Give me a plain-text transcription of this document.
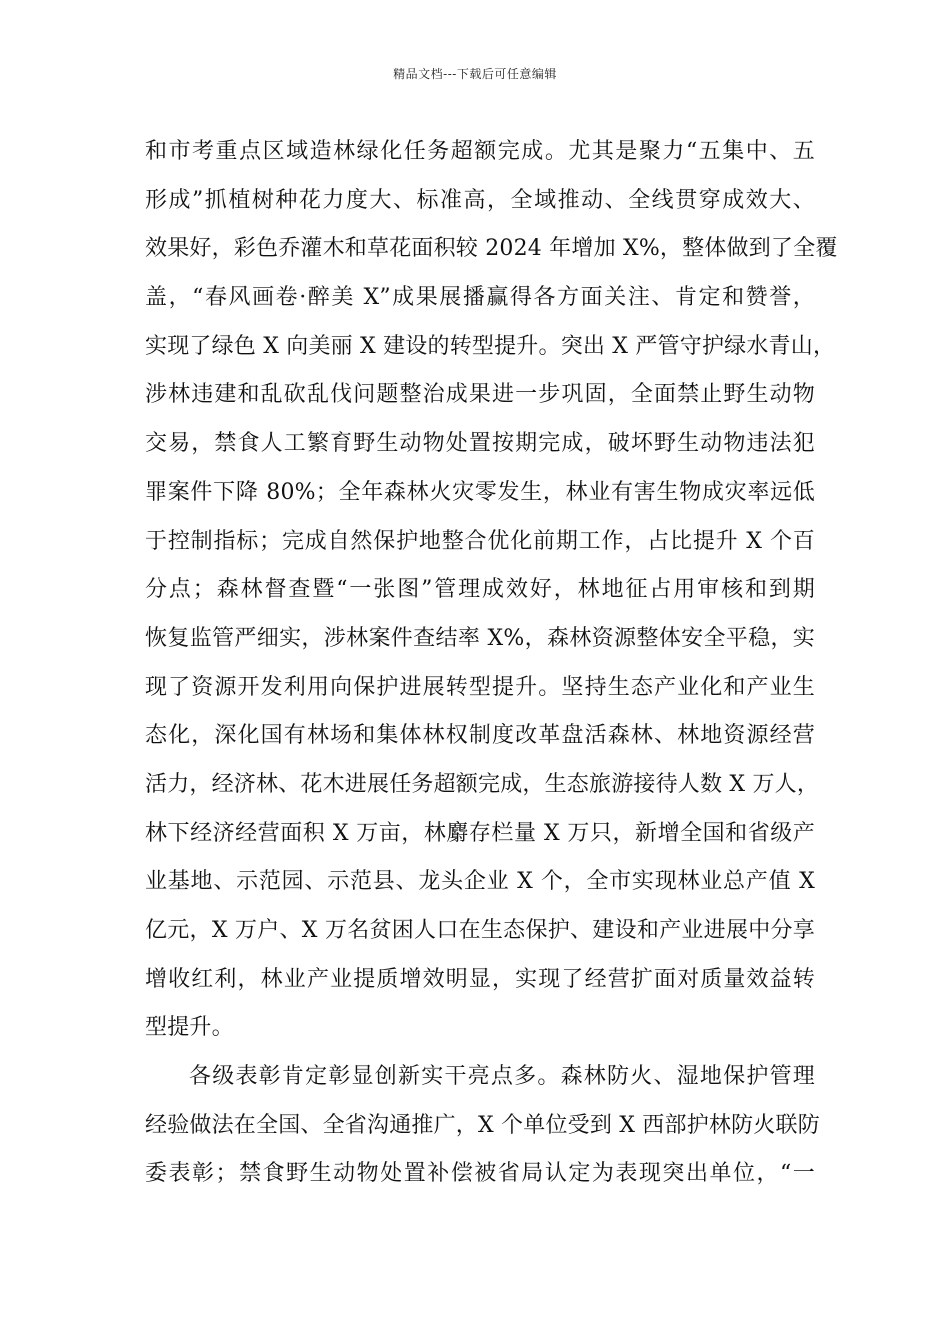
精品文档---下载后可任意编辑
和市考重点区域造林绿化任务超额完成。尤其是聚力“五集中、五
形成”抓植树种花力度大、标准高，全域推动、全线贯穿成效大、
效果好，彩色乔灌木和草花面积较 2024 年增加 X%，整体做到了全覆
盖，“春风画卷·醉美 X”成果展播赢得各方面关注、肯定和赞誉，
实现了绿色 X 向美丽 X 建设的转型提升。突出 X 严管守护绿水青山，
涉林违建和乱砍乱伐问题整治成果进一步巩固，全面禁止野生动物
交易，禁食人工繁育野生动物处置按期完成，破坏野生动物违法犯
罪案件下降 80%；全年森林火灾零发生，林业有害生物成灾率远低
于控制指标；完成自然保护地整合优化前期工作，占比提升 X 个百
分点；森林督查暨“一张图”管理成效好，林地征占用审核和到期
恢复监管严细实，涉林案件查结率 X%，森林资源整体安全平稳，实
现了资源开发利用向保护进展转型提升。坚持生态产业化和产业生
态化，深化国有林场和集体林权制度改革盘活森林、林地资源经营
活力，经济林、花木进展任务超额完成，生态旅游接待人数 X 万人，
林下经济经营面积 X 万亩，林麝存栏量 X 万只，新增全国和省级产
业基地、示范园、示范县、龙头企业 X 个，全市实现林业总产值 X
亿元，X 万户、X 万名贫困人口在生态保护、建设和产业进展中分享
增收红利，林业产业提质增效明显，实现了经营扩面对质量效益转
型提升。
各级表彰肯定彰显创新实干亮点多。森林防火、湿地保护管理
经验做法在全国、全省沟通推广，X 个单位受到 X 西部护林防火联防
委表彰；禁食野生动物处置补偿被省局认定为表现突出单位，“一
